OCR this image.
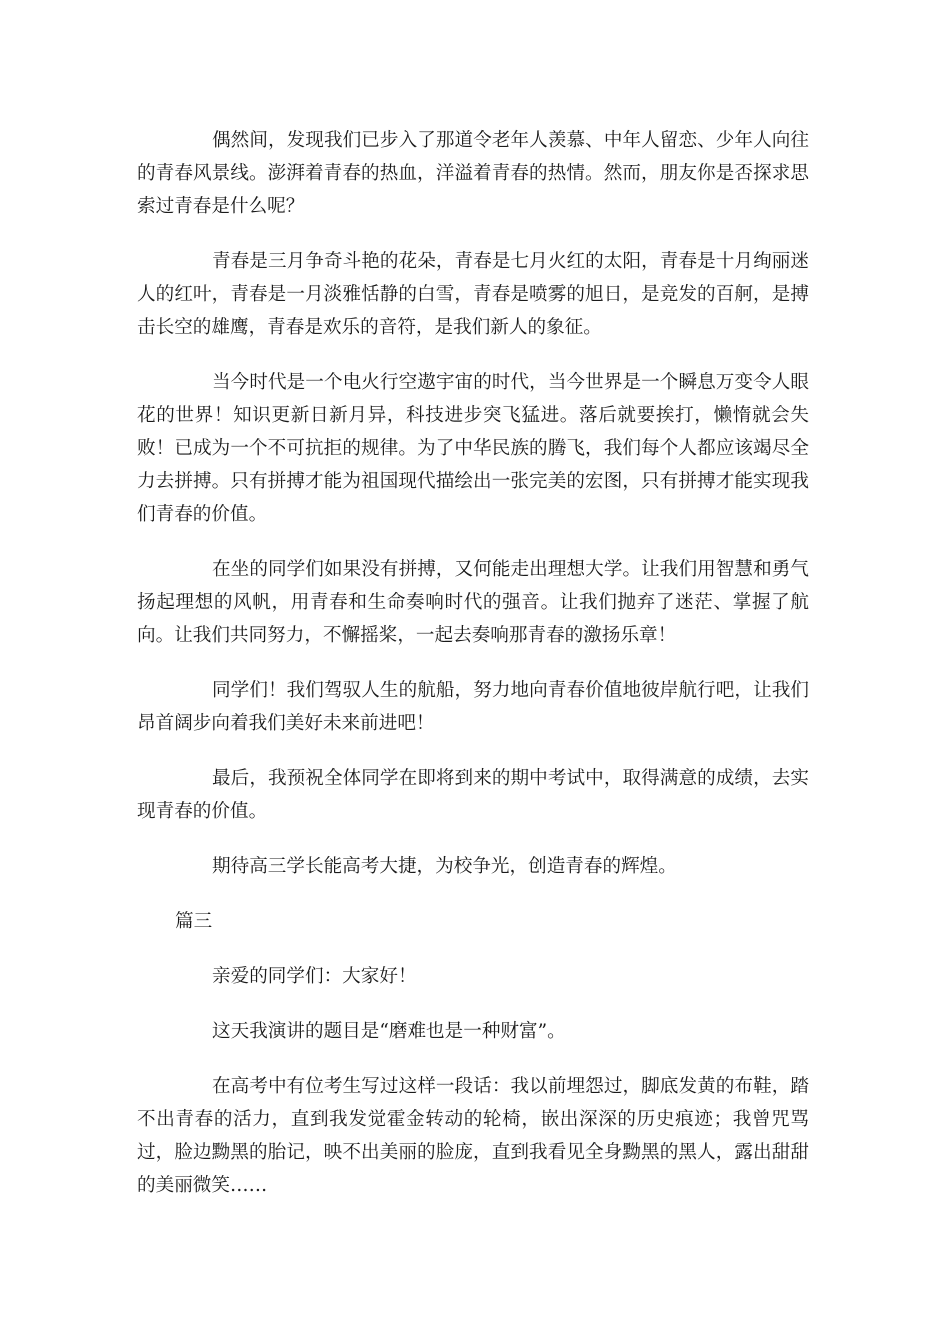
偶然间，发现我们已步入了那道令老年人羡慕、中年人留恋、少年人向往的青春风景线。澎湃着青春的热血，洋溢着青春的热情。然而，朋友你是否探求思索过青春是什么呢？

青春是三月争奇斗艳的花朵，青春是七月火红的太阳，青春是十月绚丽迷人的红叶，青春是一月淡雅恬静的白雪，青春是喷雾的旭日，是竞发的百舸，是搏击长空的雄鹰，青春是欢乐的音符，是我们新人的象征。

当今时代是一个电火行空遨宇宙的时代，当今世界是一个瞬息万变令人眼花的世界！知识更新日新月异，科技进步突飞猛进。落后就要挨打，懒惰就会失败！已成为一个不可抗拒的规律。为了中华民族的腾飞，我们每个人都应该竭尽全力去拼搏。只有拼搏才能为祖国现代描绘出一张完美的宏图，只有拼搏才能实现我们青春的价值。

在坐的同学们如果没有拼搏，又何能走出理想大学。让我们用智慧和勇气扬起理想的风帆，用青春和生命奏响时代的强音。让我们抛弃了迷茫、掌握了航向。让我们共同努力，不懈摇桨，一起去奏响那青春的激扬乐章！

同学们！我们驾驭人生的航船，努力地向青春价值地彼岸航行吧，让我们昂首阔步向着我们美好未来前进吧！

最后，我预祝全体同学在即将到来的期中考试中，取得满意的成绩，去实现青春的价值。

期待高三学长能高考大捷，为校争光，创造青春的辉煌。

篇三

亲爱的同学们：大家好！

这天我演讲的题目是“磨难也是一种财富”。

在高考中有位考生写过这样一段话：我以前埋怨过，脚底发黄的布鞋，踏不出青春的活力，直到我发觉霍金转动的轮椅，嵌出深深的历史痕迹；我曾咒骂过，脸边黝黑的胎记，映不出美丽的脸庞，直到我看见全身黝黑的黑人，露出甜甜的美丽微笑……
